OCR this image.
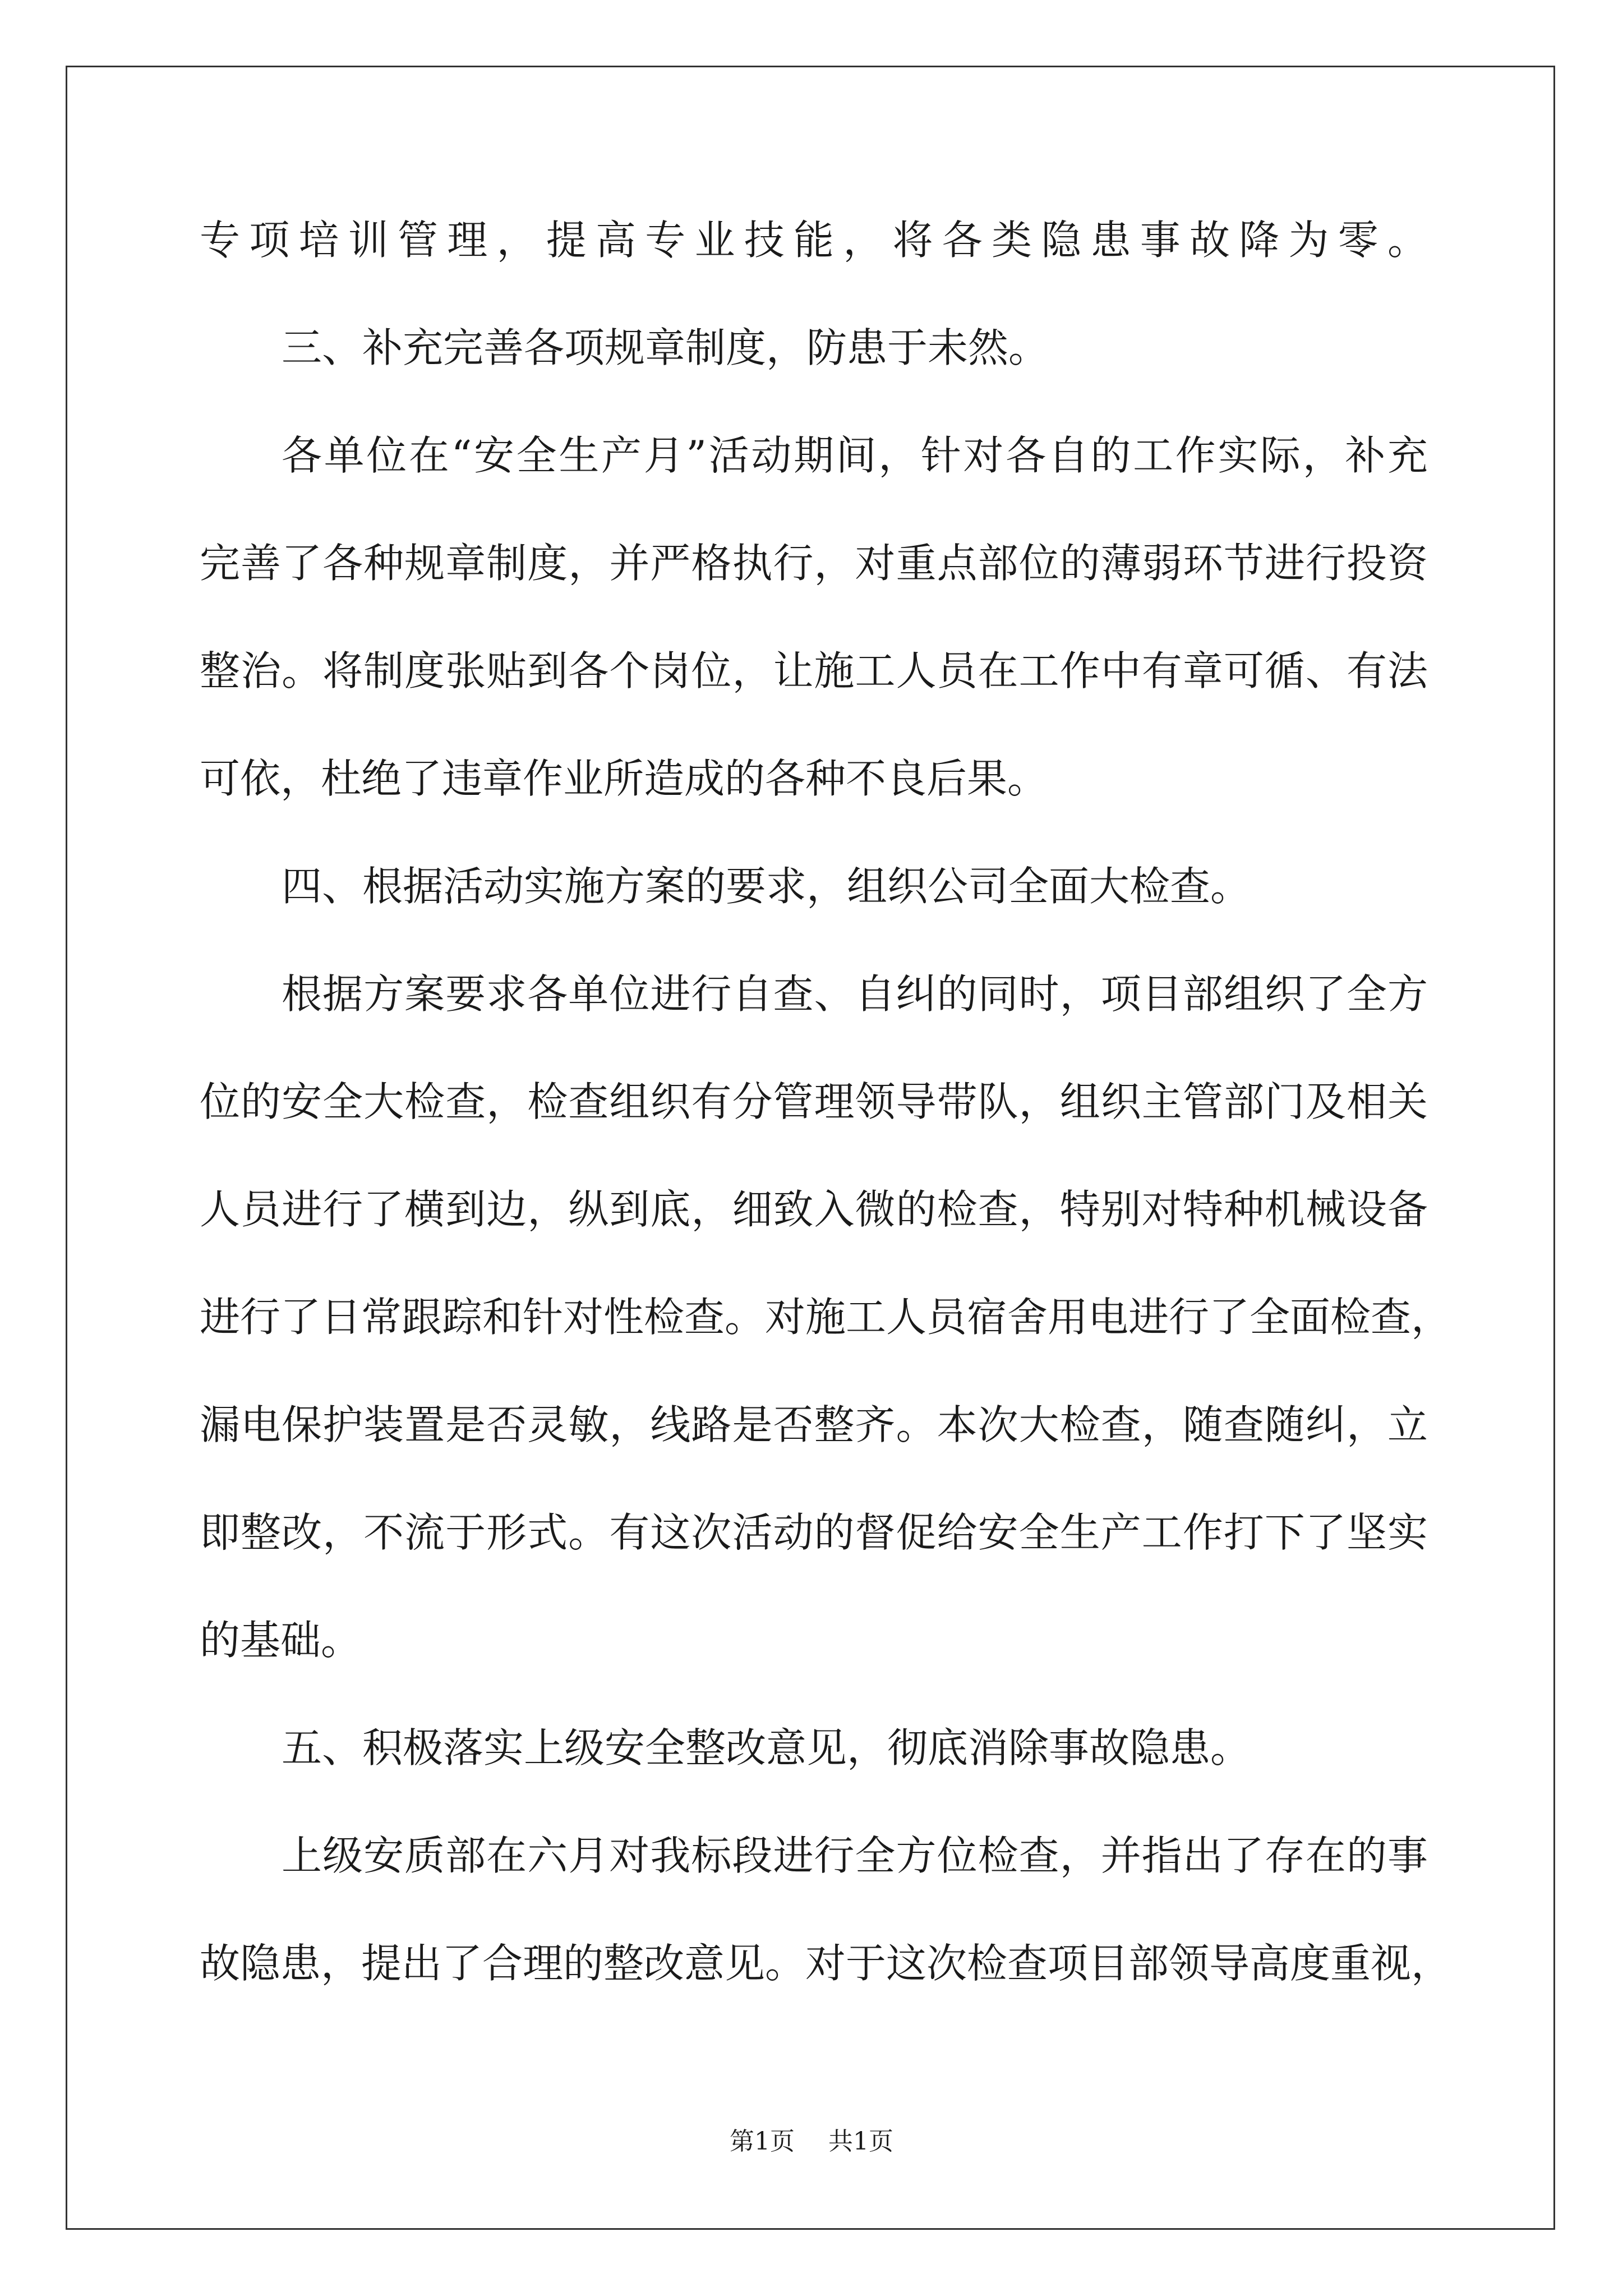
专项培训管理，提高专业技能，将各类隐患事故降为零。

三、补充完善各项规章制度，防患于未然。

各单位在“安全生产月”活动期间，针对各自的工作实际，补充

完善了各种规章制度，并严格执行，对重点部位的薄弱环节进行投资

整治。将制度张贴到各个岗位，让施工人员在工作中有章可循、有法

可依，杜绝了违章作业所造成的各种不良后果。

四、根据活动实施方案的要求，组织公司全面大检查。

根据方案要求各单位进行自查、自纠的同时，项目部组织了全方

位的安全大检查，检查组织有分管理领导带队，组织主管部门及相关

人员进行了横到边，纵到底，细致入微的检查，特别对特种机械设备

进行了日常跟踪和针对性检查。对施工人员宿舍用电进行了全面检查，

漏电保护装置是否灵敏，线路是否整齐。本次大检查，随查随纠，立

即整改，不流于形式。有这次活动的督促给安全生产工作打下了坚实

的基础。

五、积极落实上级安全整改意见，彻底消除事故隐患。

上级安质部在六月对我标段进行全方位检查，并指出了存在的事

故隐患，提出了合理的整改意见。对于这次检查项目部领导高度重视，

第1页 共1页
